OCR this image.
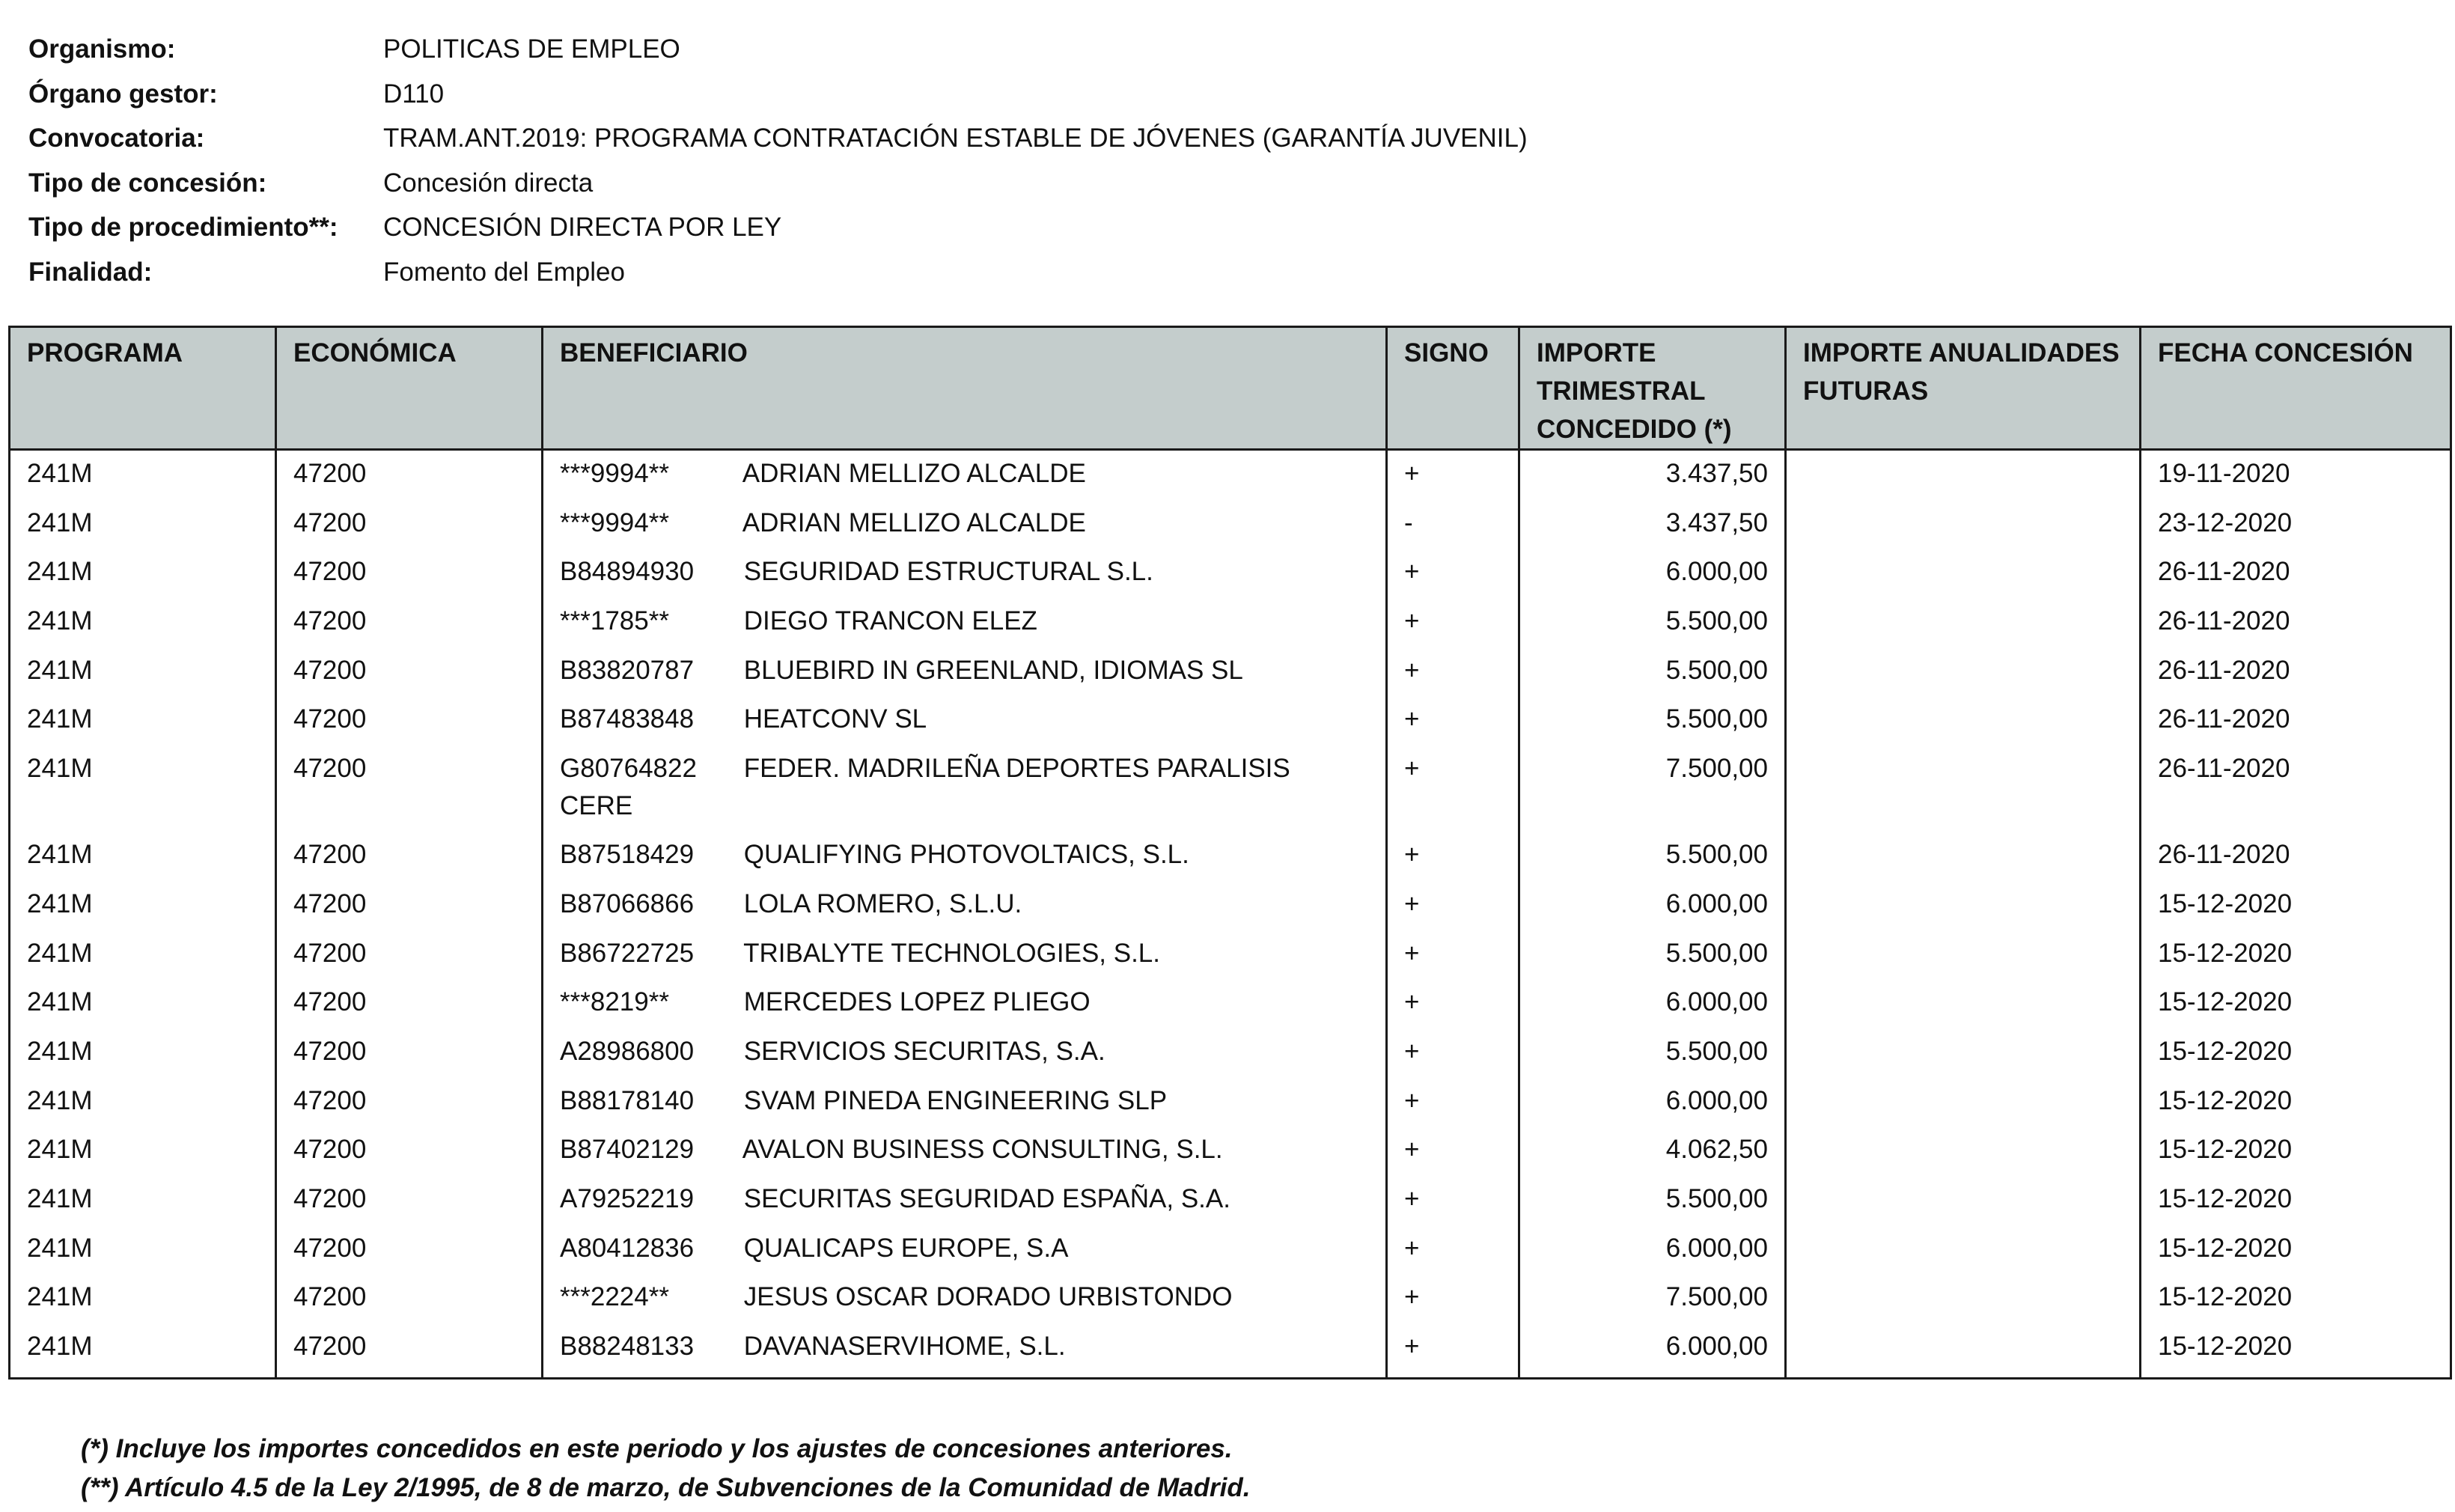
Organismo:	POLITICAS DE EMPLEO
Órgano gestor:	D110
Convocatoria:	TRAM.ANT.2019: PROGRAMA CONTRATACIÓN ESTABLE DE JÓVENES (GARANTÍA JUVENIL)
Tipo de concesión:	Concesión directa
Tipo de procedimiento**: CONCESIÓN DIRECTA POR LEY
Finalidad:	Fomento del Empleo
PROGRAMA	ECONÓMICA	BENEFICIARIO	SIGNO	IMPORTE TRIMESTRAL CONCEDIDO (*)	IMPORTE ANUALIDADES FUTURAS	FECHA CONCESIÓN
241M	47200	***9994** ADRIAN MELLIZO ALCALDE	+	3.437,50		19-11-2020
241M	47200	***9994** ADRIAN MELLIZO ALCALDE	-	3.437,50		23-12-2020
241M	47200	B84894930 SEGURIDAD ESTRUCTURAL S.L.	+	6.000,00		26-11-2020
241M	47200	***1785** DIEGO TRANCON ELEZ	+	5.500,00		26-11-2020
241M	47200	B83820787 BLUEBIRD IN GREENLAND, IDIOMAS SL	+	5.500,00		26-11-2020
241M	47200	B87483848 HEATCONV SL	+	5.500,00		26-11-2020
241M	47200	G80764822 FEDER. MADRILEÑA DEPORTES PARALISIS CERE	+	7.500,00		26-11-2020
241M	47200	B87518429 QUALIFYING PHOTOVOLTAICS, S.L.	+	5.500,00		26-11-2020
241M	47200	B87066866 LOLA ROMERO, S.L.U.	+	6.000,00		15-12-2020
241M	47200	B86722725 TRIBALYTE TECHNOLOGIES, S.L.	+	5.500,00		15-12-2020
241M	47200	***8219** MERCEDES LOPEZ PLIEGO	+	6.000,00		15-12-2020
241M	47200	A28986800 SERVICIOS SECURITAS, S.A.	+	5.500,00		15-12-2020
241M	47200	B88178140 SVAM PINEDA ENGINEERING SLP	+	6.000,00		15-12-2020
241M	47200	B87402129 AVALON BUSINESS CONSULTING, S.L.	+	4.062,50		15-12-2020
241M	47200	A79252219 SECURITAS SEGURIDAD ESPAÑA, S.A.	+	5.500,00		15-12-2020
241M	47200	A80412836 QUALICAPS EUROPE, S.A	+	6.000,00		15-12-2020
241M	47200	***2224** JESUS OSCAR DORADO URBISTONDO	+	7.500,00		15-12-2020
241M	47200	B88248133 DAVANASERVIHOME, S.L.	+	6.000,00		15-12-2020

(*) Incluye los importes concedidos en este periodo y los ajustes de concesiones anteriores.
(**) Artículo 4.5 de la Ley 2/1995, de 8 de marzo, de Subvenciones de la Comunidad de Madrid.
